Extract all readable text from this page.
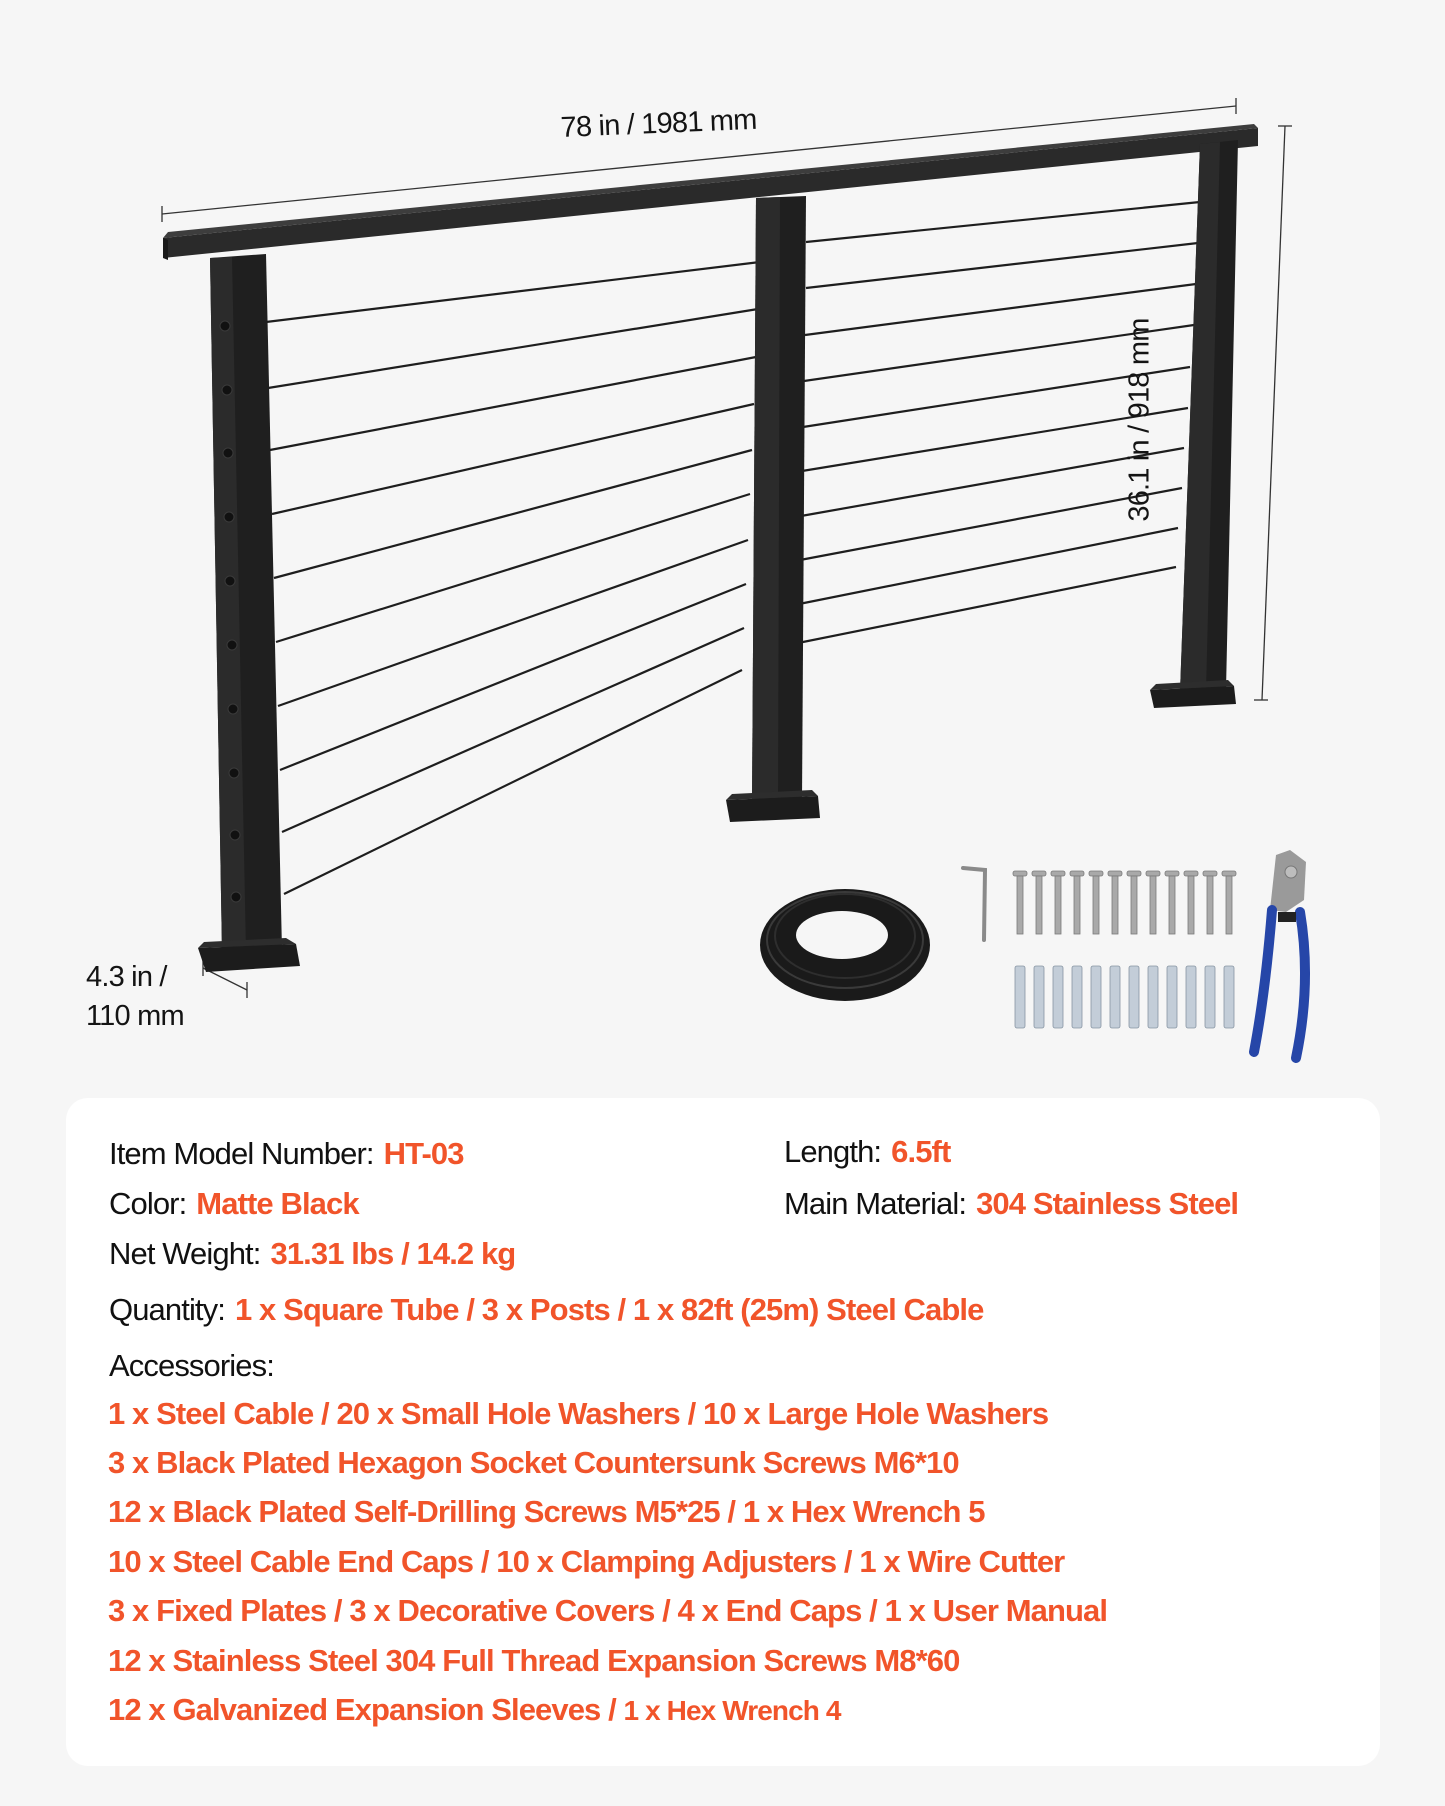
78 in / 1981 mm
36.1 in / 918 mm
4.3 in /
110 mm
Item Model Number: HT-03	Length: 6.5ft
Color: Matte Black	Main Material: 304 Stainless Steel
Net Weight: 31.31 lbs / 14.2 kg
Quantity: 1 x Square Tube / 3 x Posts / 1 x 82ft (25m) Steel Cable
Accessories:
1 x Steel Cable / 20 x Small Hole Washers / 10 x Large Hole Washers
3 x Black Plated Hexagon Socket Countersunk Screws M6*10
12 x Black Plated Self-Drilling Screws M5*25 / 1 x Hex Wrench 5
10 x Steel Cable End Caps / 10 x Clamping Adjusters / 1 x Wire Cutter
3 x Fixed Plates / 3 x Decorative Covers / 4 x End Caps / 1 x User Manual
12 x Stainless Steel 304 Full Thread Expansion Screws M8*60
12 x Galvanized Expansion Sleeves / 1 x Hex Wrench 4
